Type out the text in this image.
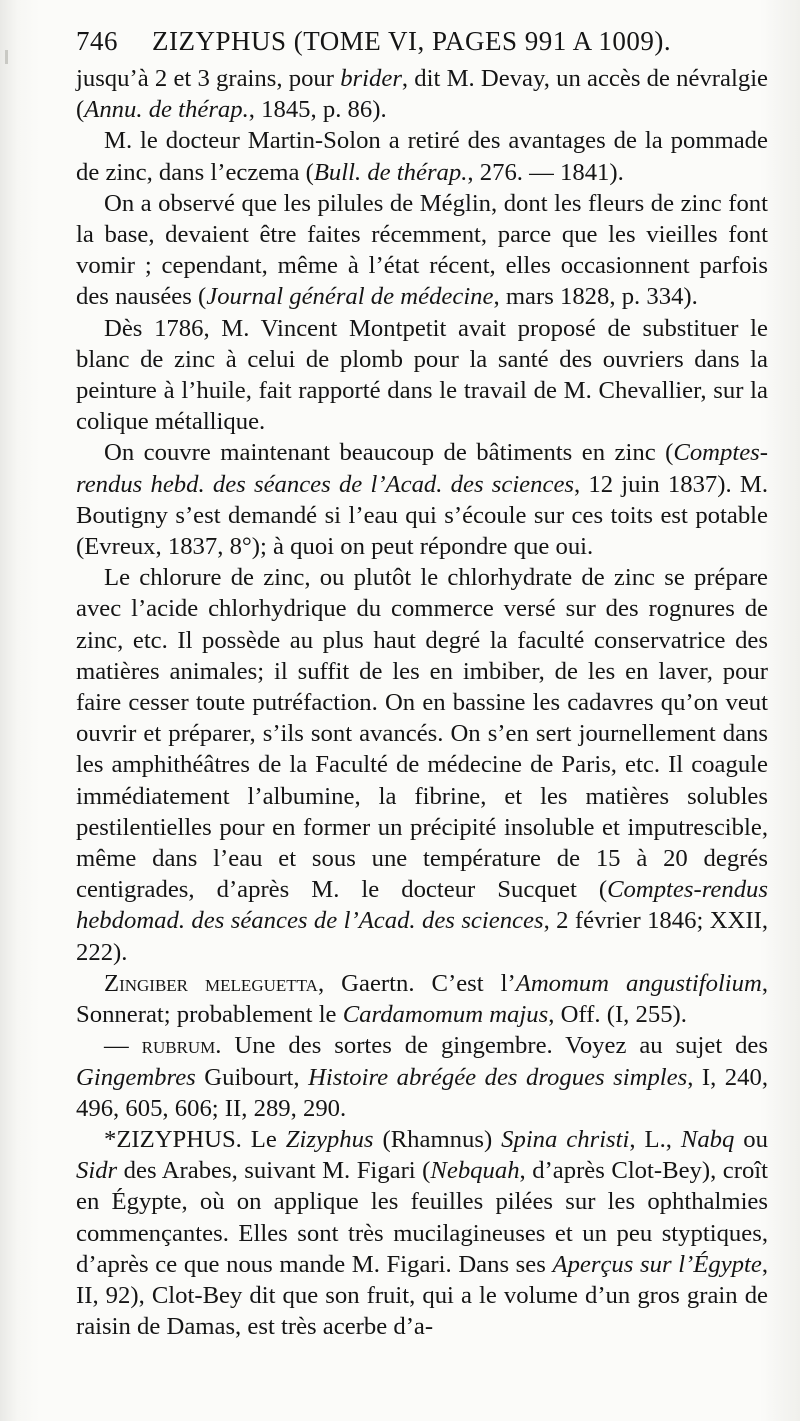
746 ZIZYPHUS
(TOME VI, PAGES 991 A 1009).

jusqu’à 2 et 3 grains, pour brider, dit M. Devay, un accès de névralgie (Annu. de thérap., 1845, p. 86).

M. le docteur Martin-Solon a retiré des avantages de la pommade de zinc, dans l’eczema (Bull. de thérap., 276. — 1841).

On a observé que les pilules de Méglin, dont les fleurs de zinc font la base, devaient être faites récemment, parce que les vieilles font vomir ; cependant, même à l’état récent, elles occasionnent parfois des nausées (Journal général de médecine, mars 1828, p. 334).

Dès 1786, M. Vincent Montpetit avait proposé de substituer le blanc de zinc à celui de plomb pour la santé des ouvriers dans la peinture à l’huile, fait rapporté dans le travail de M. Chevallier, sur la colique métallique.

On couvre maintenant beaucoup de bâtiments en zinc (Comptes-rendus hebd. des séances de l’Acad. des sciences, 12 juin 1837). M. Boutigny s’est demandé si l’eau qui s’écoule sur ces toits est potable (Evreux, 1837, 8°); à quoi on peut répondre que oui.

Le chlorure de zinc, ou plutôt le chlorhydrate de zinc se prépare avec l’acide chlorhydrique du commerce versé sur des rognures de zinc, etc. Il possède au plus haut degré la faculté conservatrice des matières animales; il suffit de les en imbiber, de les en laver, pour faire cesser toute putréfaction. On en bassine les cadavres qu’on veut ouvrir et préparer, s’ils sont avancés. On s’en sert journellement dans les amphithéâtres de la Faculté de médecine de Paris, etc. Il coagule immédiatement l’albumine, la fibrine, et les matières solubles pestilentielles pour en former un précipité insoluble et imputrescible, même dans l’eau et sous une température de 15 à 20 degrés centigrades, d’après M. le docteur Sucquet (Comptes-rendus hebdomad. des séances de l’Acad. des sciences, 2 février 1846; XXII, 222).

Zingiber meleguetta, Gaertn. C’est l’Amomum angustifolium, Sonnerat; probablement le Cardamomum majus, Off. (I, 255).

— rubrum. Une des sortes de gingembre. Voyez au sujet des Gingembres Guibourt, Histoire abrégée des drogues simples, I, 240, 496, 605, 606; II, 289, 290.

*ZIZYPHUS. Le Zizyphus (Rhamnus) Spina christi, L., Nabq ou Sidr des Arabes, suivant M. Figari (Nebquah, d’après Clot-Bey), croît en Égypte, où on applique les feuilles pilées sur les ophthalmies commençantes. Elles sont très mucilagineuses et un peu styptiques, d’après ce que nous mande M. Figari. Dans ses Aperçus sur l’Égypte, II, 92), Clot-Bey dit que son fruit, qui a le volume d’un gros grain de raisin de Damas, est très acerbe d’a-
